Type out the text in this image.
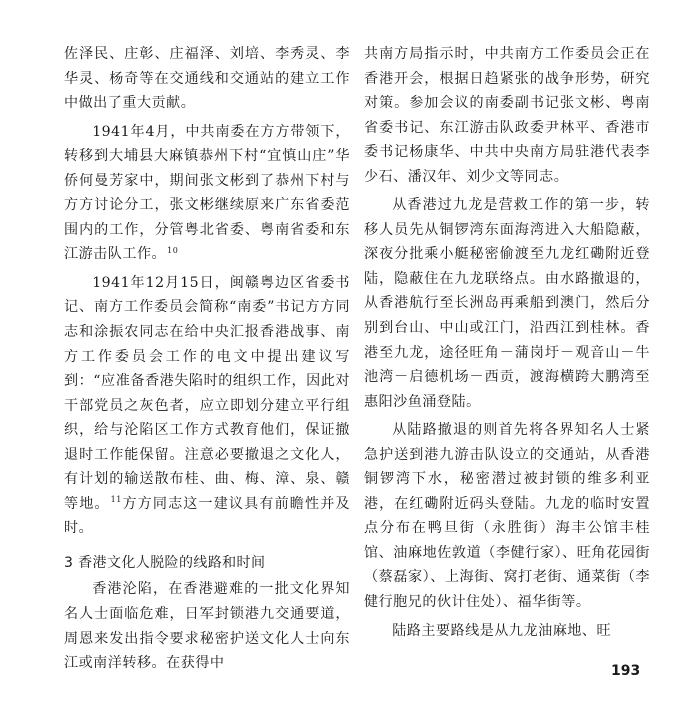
佐泽民、庄彰、庄福泽、刘培、李秀灵、李华灵、杨奇等在交通线和交通站的建立工作中做出了重大贡献。

1941年4月，中共南委在方方带领下，转移到大埔县大麻镇恭州下村“宜慎山庄”华侨何曼芳家中，期间张文彬到了恭州下村与方方讨论分工，张文彬继续原来广东省委范围内的工作，分管粤北省委、粤南省委和东江游击队工作。$^{10}$

1941年12月15日，闽赣粤边区省委书记、南方工作委员会简称“南委”书记方方同志和涂振农同志在给中央汇报香港战事、南方工作委员会工作的电文中提出建议写到：“应准备香港失陷时的组织工作，因此对干部党员之灰色者，应立即划分建立平行组织，给与沦陷区工作方式教育他们，保证撤退时工作能保留。注意必要撤退之文化人，有计划的输送散布桂、曲、梅、漳、泉、赣等地。$^{11}$方方同志这一建议具有前瞻性并及时。

3 香港文化人脱险的线路和时间

香港沦陷，在香港避难的一批文化界知名人士面临危难，日军封锁港九交通要道，周恩来发出指令要求秘密护送文化人士向东江或南洋转移。在获得中

共南方局指示时，中共南方工作委员会正在香港开会，根据日趋紧张的战争形势，研究对策。参加会议的南委副书记张文彬、粤南省委书记、东江游击队政委尹林平、香港市委书记杨康华、中共中央南方局驻港代表李少石、潘汉年、刘少文等同志。

从香港过九龙是营救工作的第一步，转移人员先从铜锣湾东面海湾进入大船隐蔽，深夜分批乘小艇秘密偷渡至九龙红磡附近登陆，隐蔽住在九龙联络点。由水路撤退的，从香港航行至长洲岛再乘船到澳门，然后分别到台山、中山或江门，沿西江到桂林。香港至九龙，途径旺角－蒲岗圩－观音山－牛池湾－启德机场－西贡，渡海横跨大鹏湾至惠阳沙鱼涌登陆。

从陆路撤退的则首先将各界知名人士紧急护送到港九游击队设立的交通站，从香港铜锣湾下水，秘密潜过被封锁的维多利亚港，在红磡附近码头登陆。九龙的临时安置点分布在鸭旦街（永胜街）海丰公馆丰桂馆、油麻地佐敦道（李健行家）、旺角花园街（蔡磊家）、上海街、窝打老街、通菜街（李健行胞兄的伙计住处）、福华街等。

陆路主要路线是从九龙油麻地、旺

193
